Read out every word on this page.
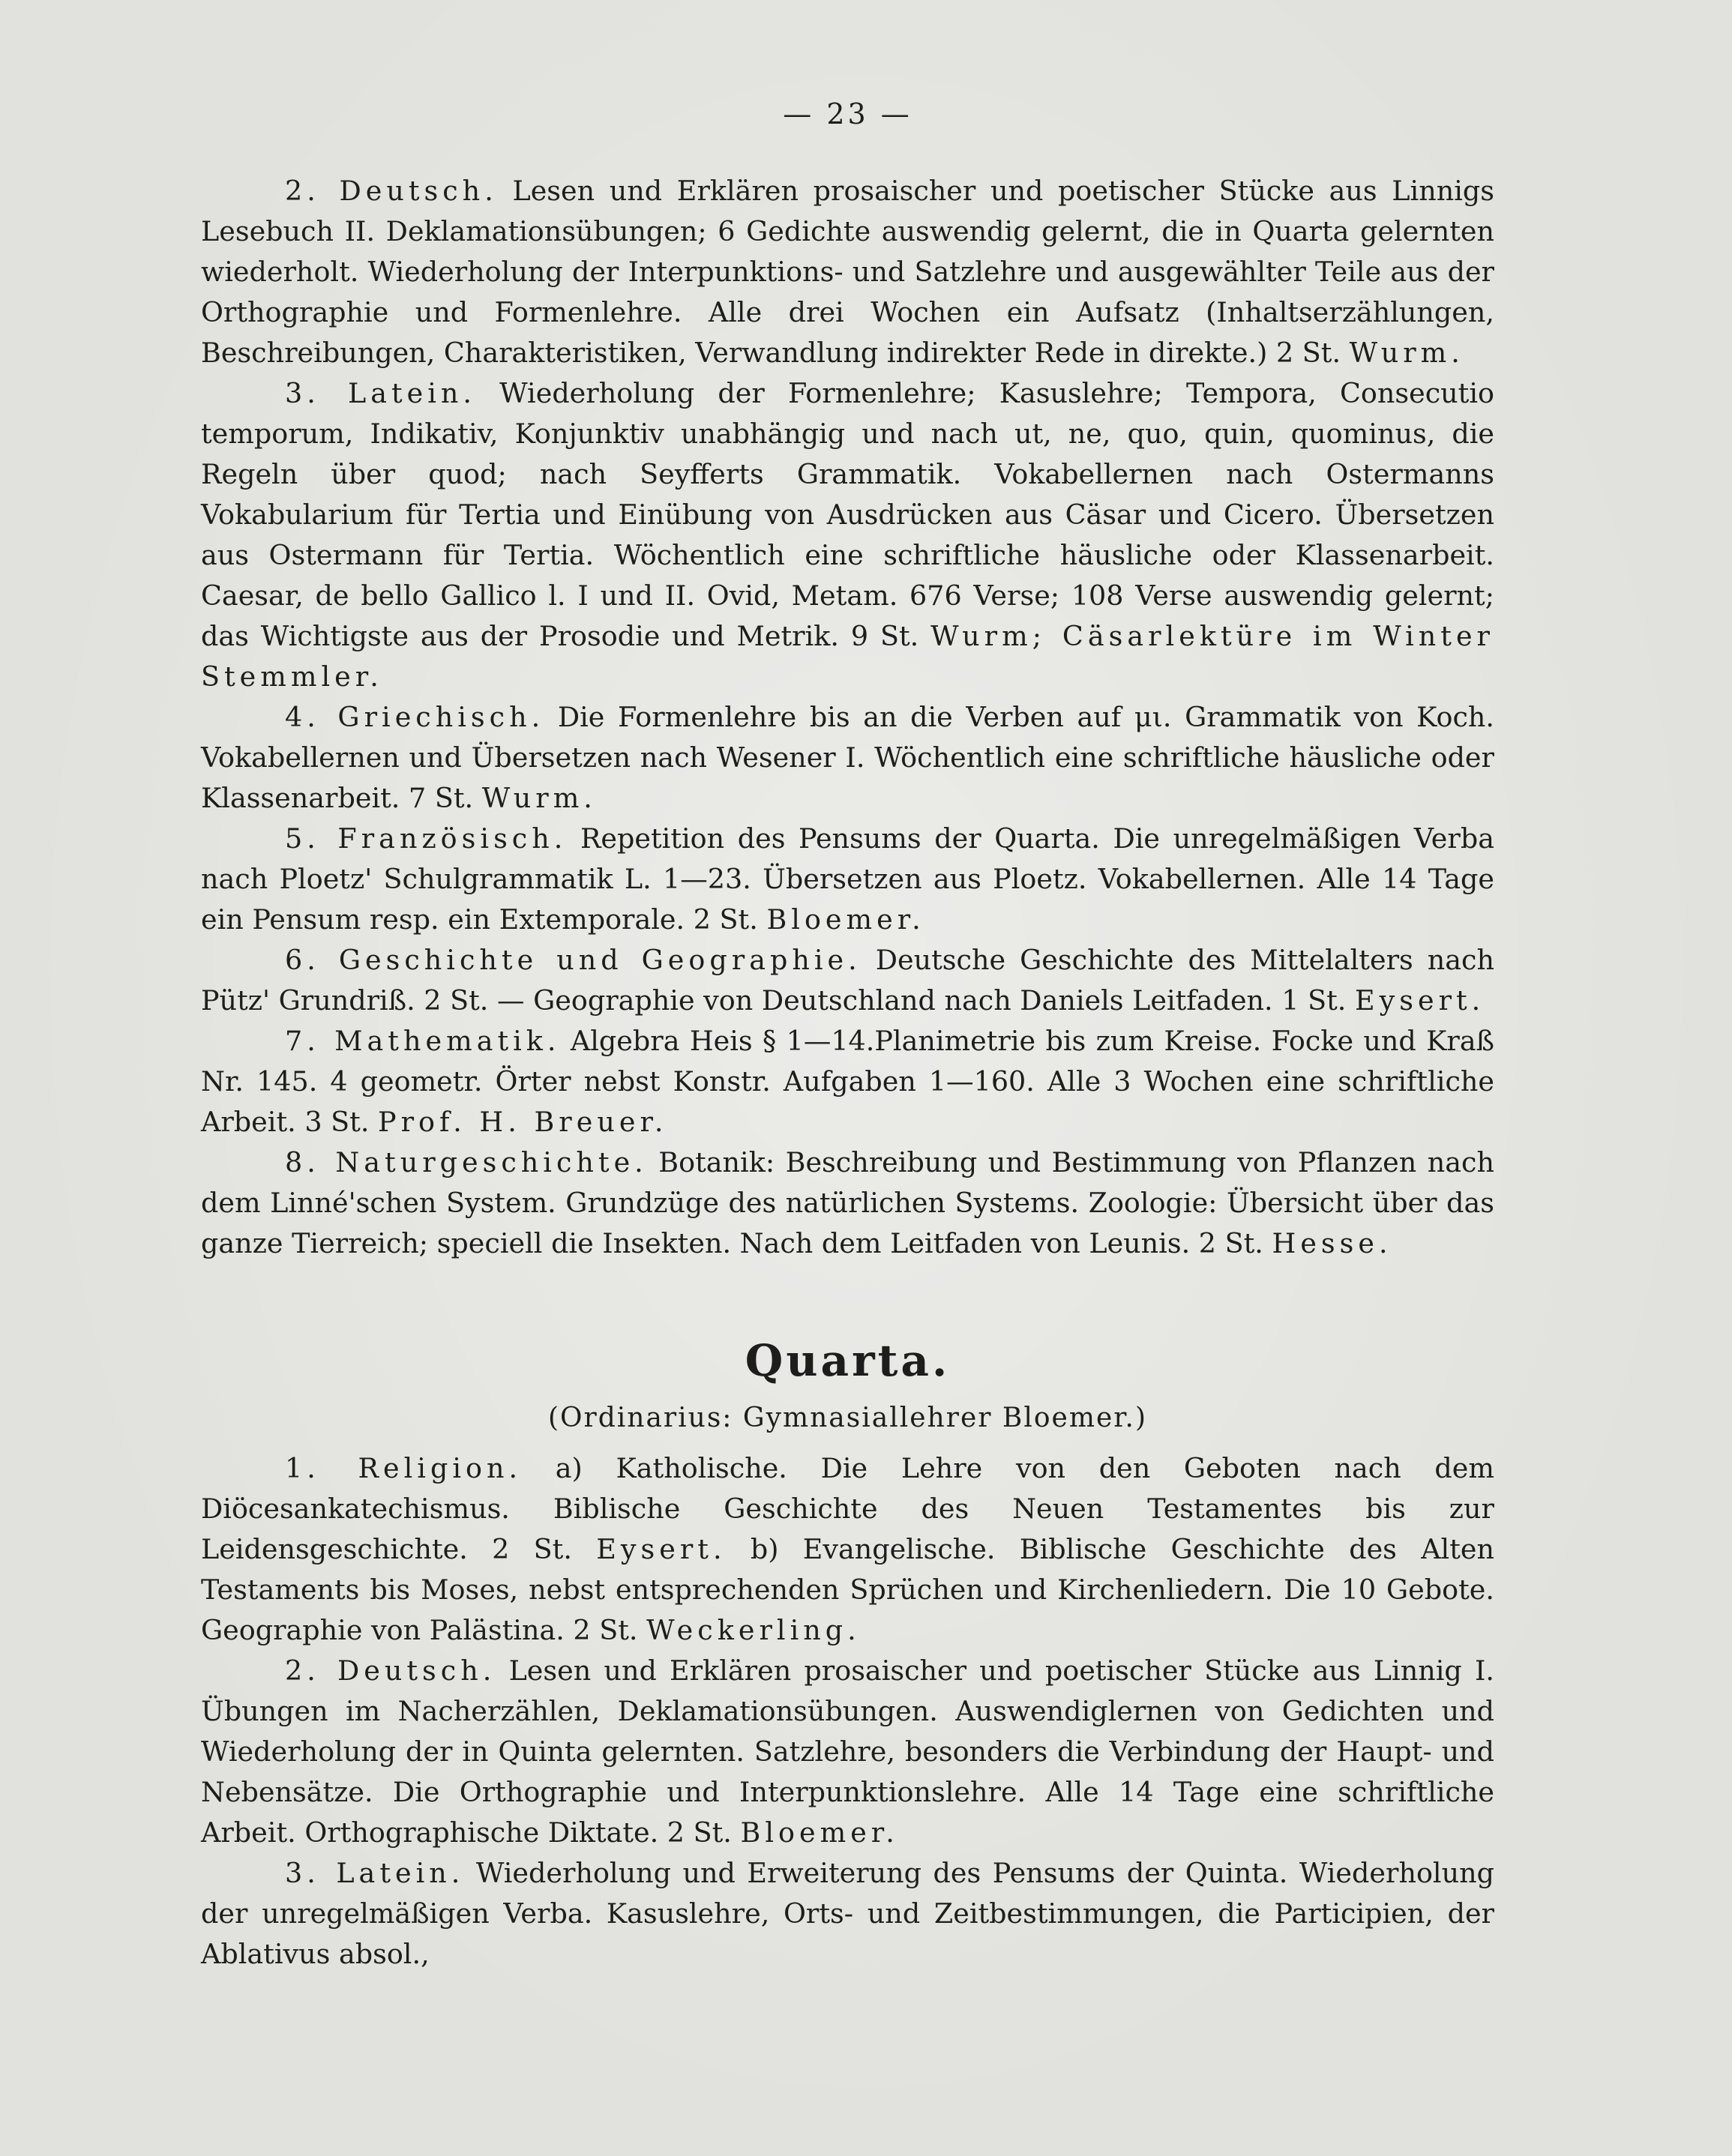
— 23 —

2. Deutsch. Lesen und Erklären prosaischer und poetischer Stücke aus Linnigs Lesebuch II. Deklamationsübungen; 6 Gedichte auswendig gelernt, die in Quarta gelernten wiederholt. Wiederholung der Interpunktions- und Satzlehre und ausgewählter Teile aus der Orthographie und Formenlehre. Alle drei Wochen ein Aufsatz (Inhaltserzählungen, Beschreibungen, Charakteristiken, Verwandlung indirekter Rede in direkte.) 2 St. Wurm.

3. Latein. Wiederholung der Formenlehre; Kasuslehre; Tempora, Consecutio temporum, Indikativ, Konjunktiv unabhängig und nach ut, ne, quo, quin, quominus, die Regeln über quod; nach Seyfferts Grammatik. Vokabellernen nach Ostermanns Vokabularium für Tertia und Einübung von Ausdrücken aus Cäsar und Cicero. Übersetzen aus Ostermann für Tertia. Wöchentlich eine schriftliche häusliche oder Klassenarbeit. Caesar, de bello Gallico l. I und II. Ovid, Metam. 676 Verse; 108 Verse auswendig gelernt; das Wichtigste aus der Prosodie und Metrik. 9 St. Wurm; Cäsarlektüre im Winter Stemmler.

4. Griechisch. Die Formenlehre bis an die Verben auf μι. Grammatik von Koch. Vokabellernen und Übersetzen nach Wesener I. Wöchentlich eine schriftliche häusliche oder Klassenarbeit. 7 St. Wurm.

5. Französisch. Repetition des Pensums der Quarta. Die unregelmäßigen Verba nach Ploetz' Schulgrammatik L. 1—23. Übersetzen aus Ploetz. Vokabellernen. Alle 14 Tage ein Pensum resp. ein Extemporale. 2 St. Bloemer.

6. Geschichte und Geographie. Deutsche Geschichte des Mittelalters nach Pütz' Grundriß. 2 St. — Geographie von Deutschland nach Daniels Leitfaden. 1 St. Eysert.

7. Mathematik. Algebra Heis § 1—14.Planimetrie bis zum Kreise. Focke und Kraß Nr. 145. 4 geometr. Örter nebst Konstr. Aufgaben 1—160. Alle 3 Wochen eine schriftliche Arbeit. 3 St. Prof. H. Breuer.

8. Naturgeschichte. Botanik: Beschreibung und Bestimmung von Pflanzen nach dem Linné'schen System. Grundzüge des natürlichen Systems. Zoologie: Übersicht über das ganze Tierreich; speciell die Insekten. Nach dem Leitfaden von Leunis. 2 St. Hesse.

Quarta.
(Ordinarius: Gymnasiallehrer Bloemer.)

1. Religion. a) Katholische. Die Lehre von den Geboten nach dem Diöcesankatechismus. Biblische Geschichte des Neuen Testamentes bis zur Leidensgeschichte. 2 St. Eysert. b) Evangelische. Biblische Geschichte des Alten Testaments bis Moses, nebst entsprechenden Sprüchen und Kirchenliedern. Die 10 Gebote. Geographie von Palästina. 2 St. Weckerling.

2. Deutsch. Lesen und Erklären prosaischer und poetischer Stücke aus Linnig I. Übungen im Nacherzählen, Deklamationsübungen. Auswendiglernen von Gedichten und Wiederholung der in Quinta gelernten. Satzlehre, besonders die Verbindung der Haupt- und Nebensätze. Die Orthographie und Interpunktionslehre. Alle 14 Tage eine schriftliche Arbeit. Orthographische Diktate. 2 St. Bloemer.

3. Latein. Wiederholung und Erweiterung des Pensums der Quinta. Wiederholung der unregelmäßigen Verba. Kasuslehre, Orts- und Zeitbestimmungen, die Participien, der Ablativus absol.,
